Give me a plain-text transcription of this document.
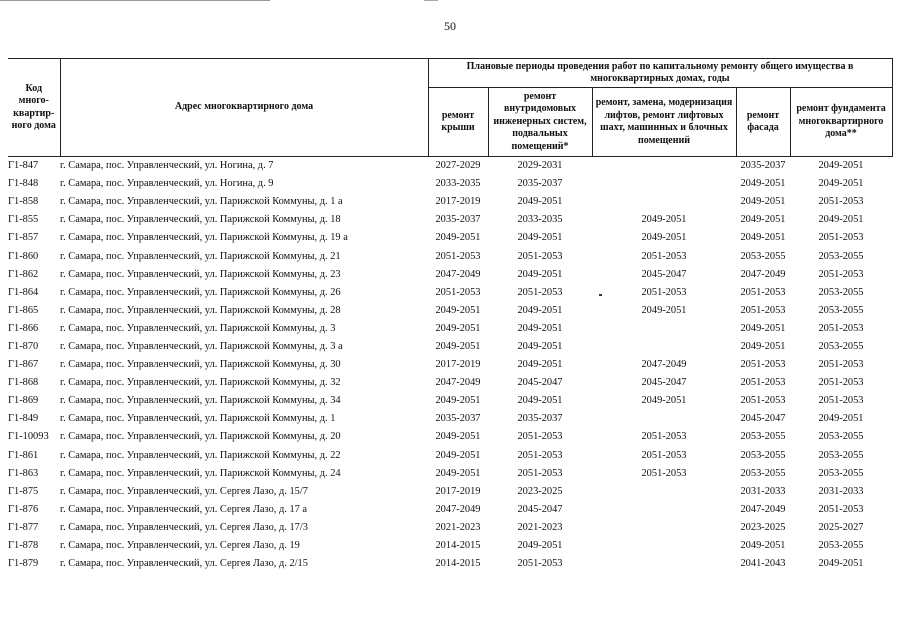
50
Код много-квартир-ного дома	Адрес многоквартирного дома	Плановые периоды проведения работ по капитальному ремонту общего имущества в многоквартирных домах, годы				
		ремонт крыши	ремонт внутридомовых инженерных систем, подвальных помещений*	ремонт, замена, модернизация лифтов, ремонт лифтовых шахт, машинных и блочных помещений	ремонт фасада	ремонт фундамента многоквартирного дома**
Г1-847	г. Самара, пос. Управленческий, ул. Ногина, д. 7	2027-2029	2029-2031		2035-2037	2049-2051
Г1-848	г. Самара, пос. Управленческий, ул. Ногина, д. 9	2033-2035	2035-2037		2049-2051	2049-2051
Г1-858	г. Самара, пос. Управленческий, ул. Парижской Коммуны, д. 1 а	2017-2019	2049-2051		2049-2051	2051-2053
Г1-855	г. Самара, пос. Управленческий, ул. Парижской Коммуны, д. 18	2035-2037	2033-2035	2049-2051	2049-2051	2049-2051
Г1-857	г. Самара, пос. Управленческий, ул. Парижской Коммуны, д. 19 а	2049-2051	2049-2051	2049-2051	2049-2051	2051-2053
Г1-860	г. Самара, пос. Управленческий, ул. Парижской Коммуны, д. 21	2051-2053	2051-2053	2051-2053	2053-2055	2053-2055
Г1-862	г. Самара, пос. Управленческий, ул. Парижской Коммуны, д. 23	2047-2049	2049-2051	2045-2047	2047-2049	2051-2053
Г1-864	г. Самара, пос. Управленческий, ул. Парижской Коммуны, д. 26	2051-2053	2051-2053	2051-2053	2051-2053	2053-2055
Г1-865	г. Самара, пос. Управленческий, ул. Парижской Коммуны, д. 28	2049-2051	2049-2051	2049-2051	2051-2053	2053-2055
Г1-866	г. Самара, пос. Управленческий, ул. Парижской Коммуны, д. 3	2049-2051	2049-2051		2049-2051	2051-2053
Г1-870	г. Самара, пос. Управленческий, ул. Парижской Коммуны, д. 3 а	2049-2051	2049-2051		2049-2051	2053-2055
Г1-867	г. Самара, пос. Управленческий, ул. Парижской Коммуны, д. 30	2017-2019	2049-2051	2047-2049	2051-2053	2051-2053
Г1-868	г. Самара, пос. Управленческий, ул. Парижской Коммуны, д. 32	2047-2049	2045-2047	2045-2047	2051-2053	2051-2053
Г1-869	г. Самара, пос. Управленческий, ул. Парижской Коммуны, д. 34	2049-2051	2049-2051	2049-2051	2051-2053	2051-2053
Г1-849	г. Самара, пос. Управленческий, ул. Парижской Коммуны, д. 1	2035-2037	2035-2037		2045-2047	2049-2051
Г1-10093	г. Самара, пос. Управленческий, ул. Парижской Коммуны, д. 20	2049-2051	2051-2053	2051-2053	2053-2055	2053-2055
Г1-861	г. Самара, пос. Управленческий, ул. Парижской Коммуны, д. 22	2049-2051	2051-2053	2051-2053	2053-2055	2053-2055
Г1-863	г. Самара, пос. Управленческий, ул. Парижской Коммуны, д. 24	2049-2051	2051-2053	2051-2053	2053-2055	2053-2055
Г1-875	г. Самара, пос. Управленческий, ул. Сергея Лазо, д. 15/7	2017-2019	2023-2025		2031-2033	2031-2033
Г1-876	г. Самара, пос. Управленческий, ул. Сергея Лазо, д. 17 а	2047-2049	2045-2047		2047-2049	2051-2053
Г1-877	г. Самара, пос. Управленческий, ул. Сергея Лазо, д. 17/3	2021-2023	2021-2023		2023-2025	2025-2027
Г1-878	г. Самара, пос. Управленческий, ул. Сергея Лазо, д. 19	2014-2015	2049-2051		2049-2051	2053-2055
Г1-879	г. Самара, пос. Управленческий, ул. Сергея Лазо, д. 2/15	2014-2015	2051-2053		2041-2043	2049-2051
